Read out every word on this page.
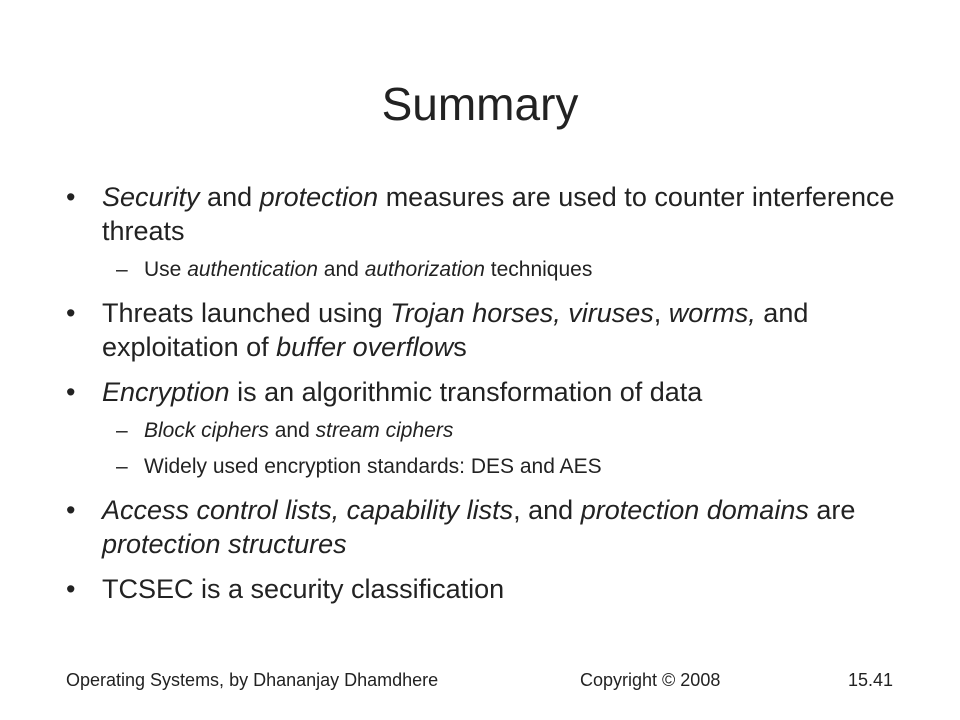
Summary
• Security and protection measures are used to counter interference threats
– Use authentication and authorization techniques
• Threats launched using Trojan horses, viruses, worms, and exploitation of buffer overflows
• Encryption is an algorithmic transformation of data
– Block ciphers and stream ciphers
– Widely used encryption standards: DES and AES
• Access control lists, capability lists, and protection domains are protection structures
• TCSEC is a security classification
Operating Systems, by Dhananjay Dhamdhere	Copyright © 2008	15.41
